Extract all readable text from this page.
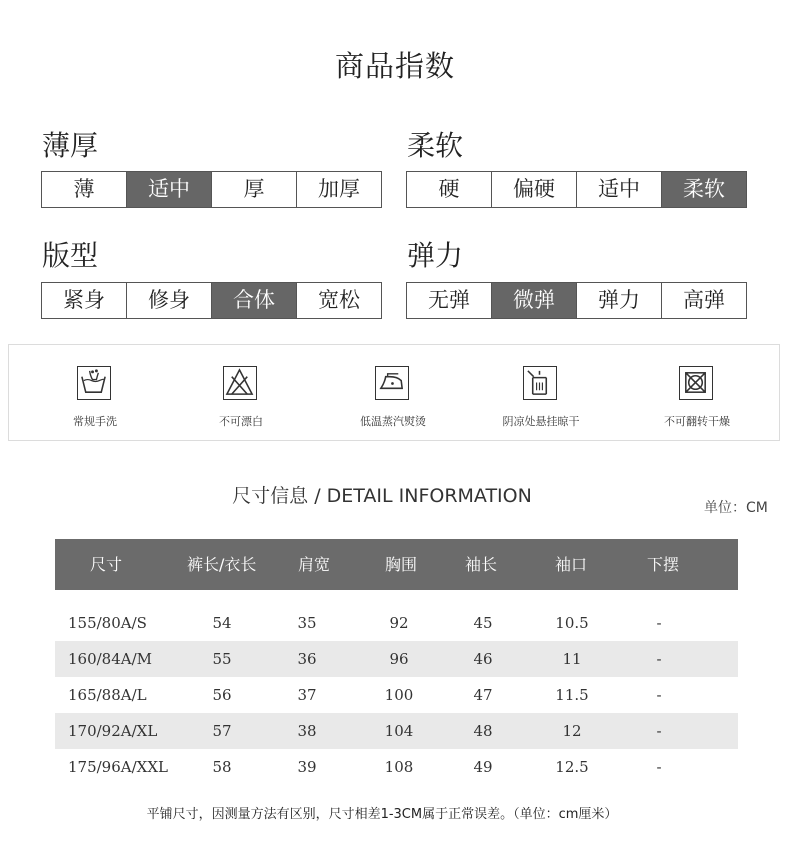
商品指数
薄厚
薄	适中	厚	加厚
柔软
硬	偏硬	适中	柔软
版型
紧身	修身	合体	宽松
弹力
无弹	微弹	弹力	高弹
常规手洗	不可漂白	低温蒸汽熨烫	阴凉处悬挂晾干	不可翻转干燥
尺寸信息 / DETAIL INFORMATION
单位：CM
尺寸	裤长/衣长	肩宽	胸围	袖长	袖口	下摆
155/80A/S	54	35	92	45	10.5	-
160/84A/M	55	36	96	46	11	-
165/88A/L	56	37	100	47	11.5	-
170/92A/XL	57	38	104	48	12	-
175/96A/XXL	58	39	108	49	12.5	-
平铺尺寸，因测量方法有区别，尺寸相差1-3CM属于正常误差。（单位：cm厘米）
